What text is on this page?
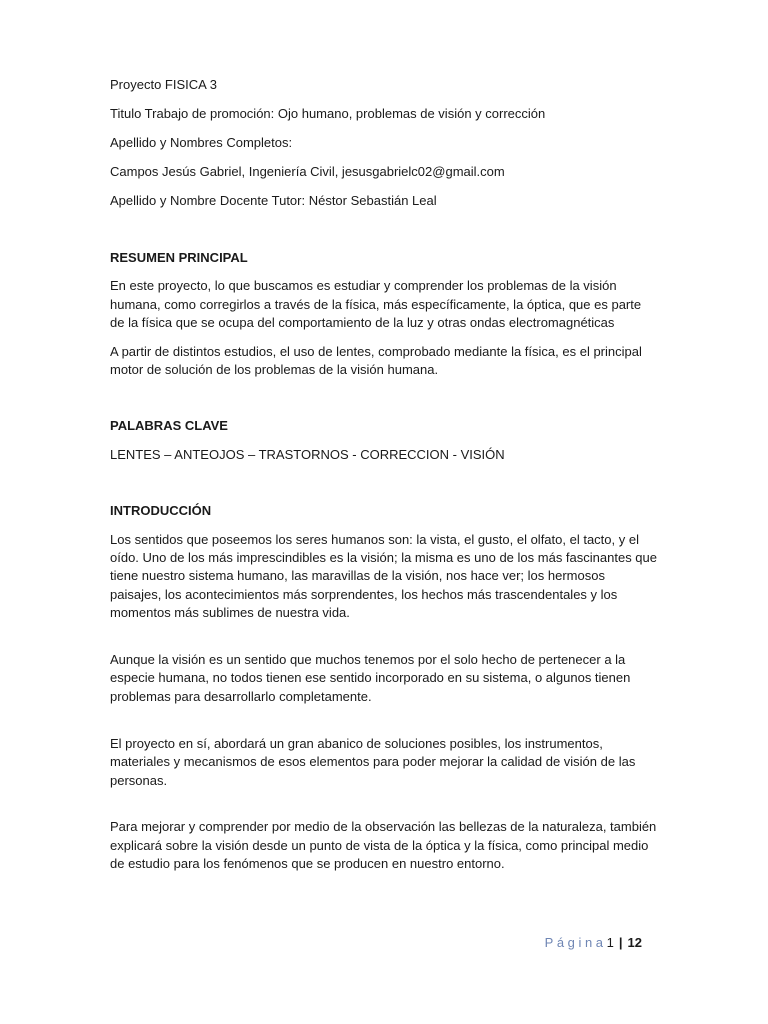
Proyecto FISICA 3
Titulo Trabajo de promoción: Ojo humano, problemas de visión y corrección
Apellido y Nombres Completos:
Campos Jesús Gabriel, Ingeniería Civil, jesusgabrielc02@gmail.com
Apellido y Nombre Docente Tutor: Néstor Sebastián Leal
RESUMEN PRINCIPAL

En este proyecto, lo que buscamos es estudiar y comprender los problemas de la visión humana, como corregirlos a través de la física, más específicamente, la óptica, que es parte de la física que se ocupa del comportamiento de la luz y otras ondas electromagnéticas

A partir de distintos estudios, el uso de lentes, comprobado mediante la física, es el principal motor de solución de los problemas de la visión humana.

PALABRAS CLAVE

LENTES – ANTEOJOS – TRASTORNOS - CORRECCION - VISIÓN

INTRODUCCIÓN

Los sentidos que poseemos los seres humanos son: la vista, el gusto, el olfato, el tacto, y el oído. Uno de los más imprescindibles es la visión; la misma es uno de los más fascinantes que tiene nuestro sistema humano, las maravillas de la visión, nos hace ver; los hermosos paisajes, los acontecimientos más sorprendentes, los hechos más trascendentales y los momentos más sublimes de nuestra vida.

Aunque la visión es un sentido que muchos tenemos por el solo hecho de pertenecer a la especie humana, no todos tienen ese sentido incorporado en su sistema, o algunos tienen problemas para desarrollarlo completamente.

El proyecto en sí, abordará un gran abanico de soluciones posibles, los instrumentos, materiales y mecanismos de esos elementos para poder mejorar la calidad de visión de las personas.

Para mejorar y comprender por medio de la observación las bellezas de la naturaleza, también explicará sobre la visión desde un punto de vista de la óptica y la física, como principal medio de estudio para los fenómenos que se producen en nuestro entorno.

Página1 | 12
